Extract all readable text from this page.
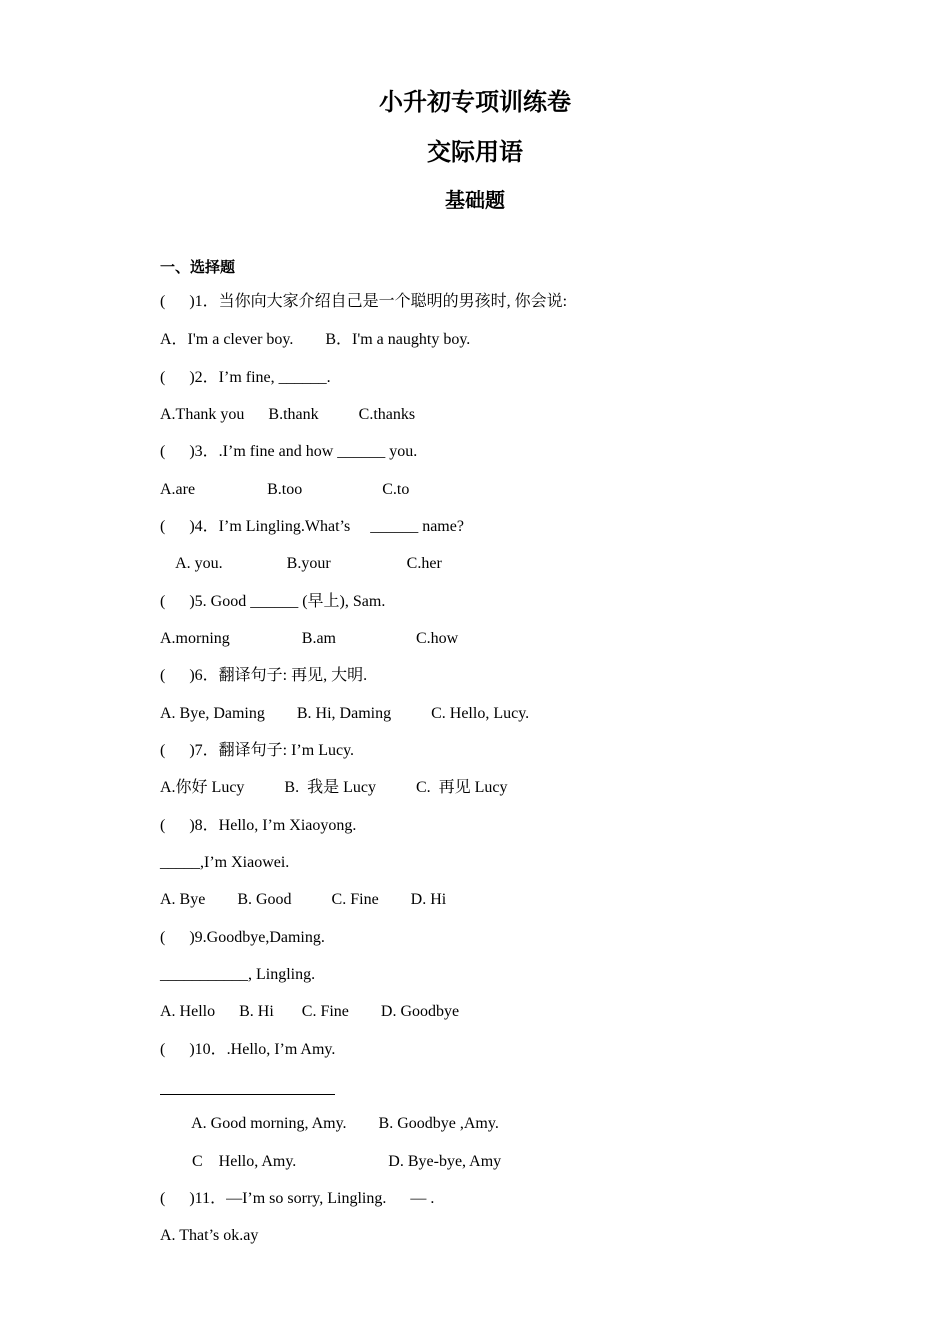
小升初专项训练卷
交际用语
基础题
一、选择题
(      )1．当你向大家介绍自己是一个聪明的男孩时, 你会说:
A．I'm a clever boy.        B．I'm a naughty boy.
(      )2．I’m fine, ______.
A.Thank you      B.thank          C.thanks
(      )3．.I’m fine and how ______ you.
A.are                  B.too                    C.to
(      )4．I’m Lingling.What’s     ______ name?
A. you.                B.your                   C.her
(      )5. Good ______ (早上), Sam.
A.morning                  B.am                    C.how
(      )6．翻译句子: 再见, 大明.
A. Bye, Daming        B. Hi, Daming          C. Hello, Lucy.
(      )7．翻译句子: I’m Lucy.
A.你好 Lucy          B.  我是 Lucy          C.  再见 Lucy
(      )8．Hello, I’m Xiaoyong.
_____,I’m Xiaowei.
A. Bye        B. Good          C. Fine        D. Hi
(      )9.Goodbye,Daming.
___________, Lingling.
A. Hello      B. Hi       C. Fine        D. Goodbye
(      )10．.Hello, I’m Amy.
A. Good morning, Amy.        B. Goodbye ,Amy.
C    Hello, Amy.                       D. Bye-bye, Amy
(      )11．—I’m so sorry, Lingling.      — .
A. That’s ok.ay
